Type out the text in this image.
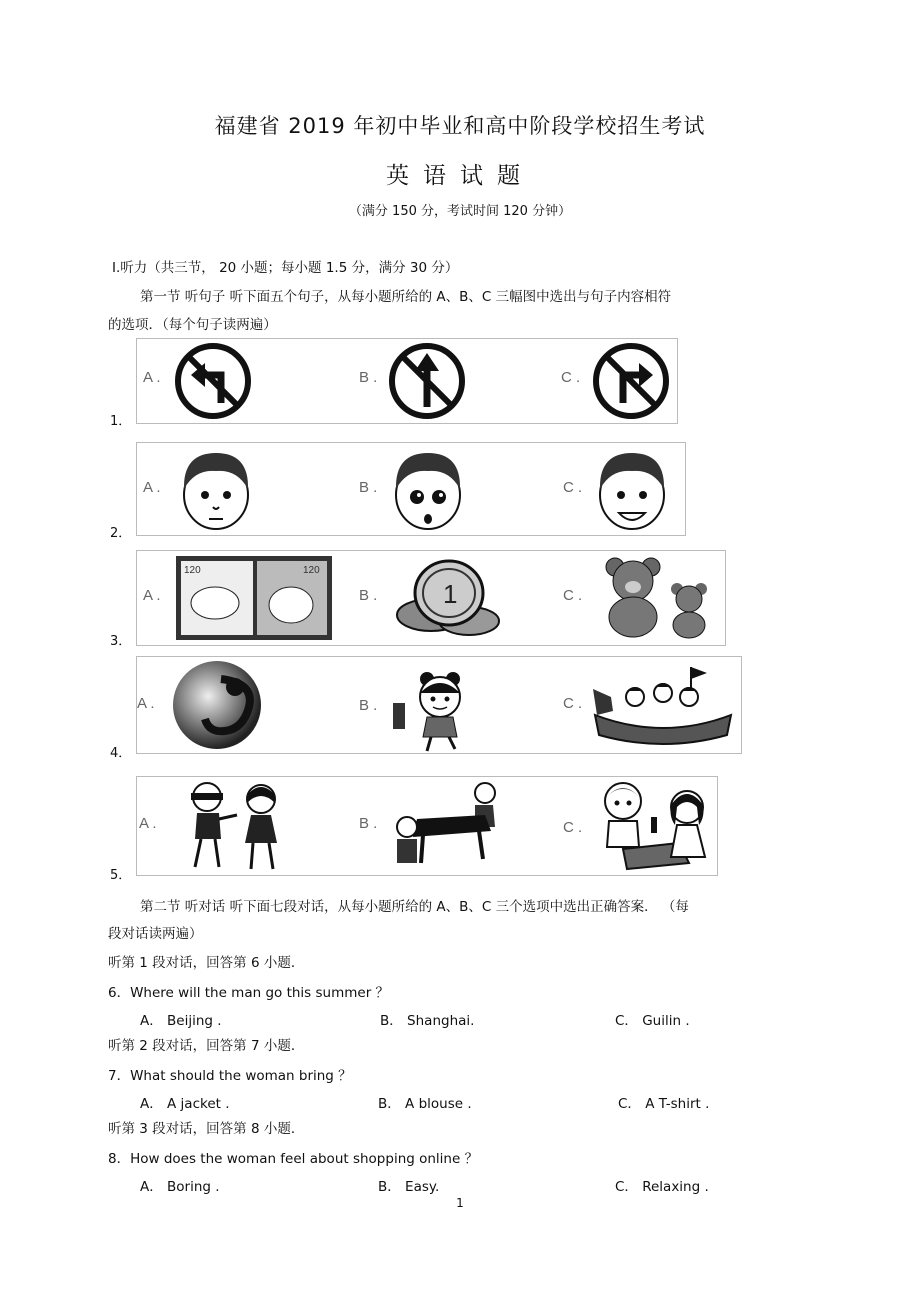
福建省 2019 年初中毕业和高中阶段学校招生考试
英语试题
（满分 150 分，考试时间 120 分钟）
Ⅰ.听力（共三节， 20 小题；每小题 1.5 分，满分 30 分）
第一节 听句子 听下面五个句子，从每小题所给的 A、B、C 三幅图中选出与句子内容相符
的选项．（每个句子读两遍）
A .	B .	C .
1．
A .	B .	C .
2．
A .	B .	C .
120	120
1
3．
A .	B .	C .
4．
A .	B .	C .
5．
第二节 听对话 听下面七段对话，从每小题所给的 A、B、C 三个选项中选出正确答案． （每
段对话读两遍）
听第 1 段对话，回答第 6 小题．
6．Where will the man go this summer ？
A． Beijing .	B． Shanghai.	C． Guilin .
听第 2 段对话，回答第 7 小题．
7．What should the woman bring ？
A． A jacket .	B． A blouse .	C． A T-shirt .
听第 3 段对话，回答第 8 小题．
8．How does the woman feel about shopping online ？
A． Boring .	B． Easy.	C． Relaxing .
1
